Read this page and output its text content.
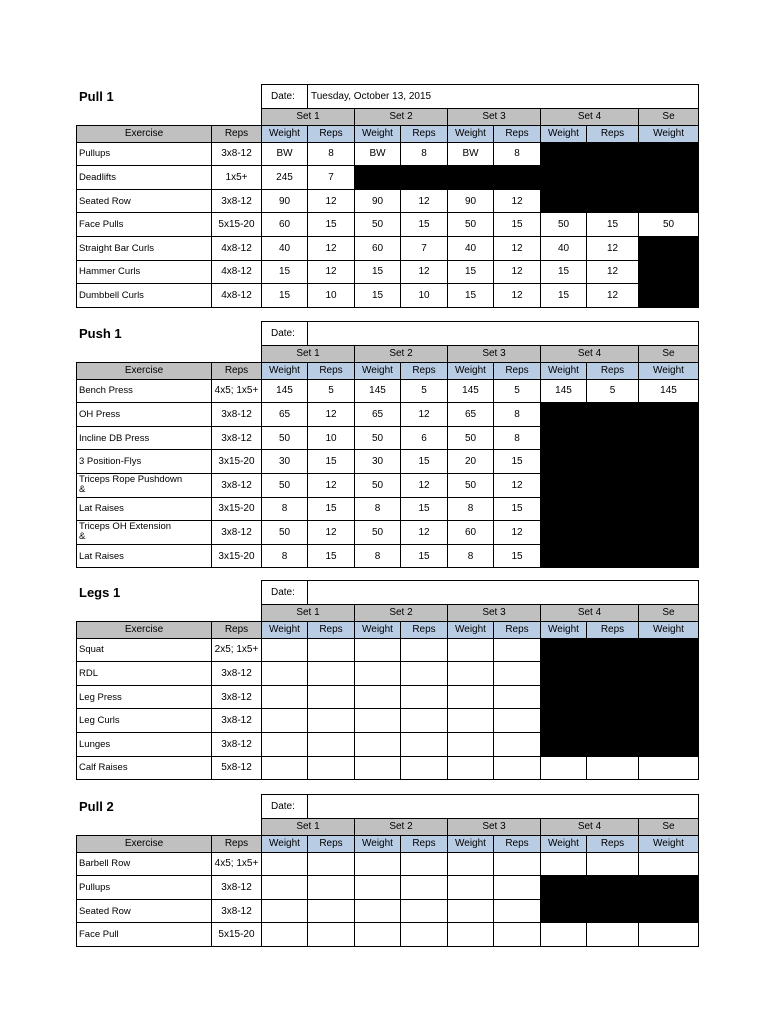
Pull 1
		Date:	Tuesday, October 13, 2015							
		Set 1		Set 2		Set 3		Set 4		Se
Exercise	Reps	Weight	Reps	Weight	Reps	Weight	Reps	Weight	Reps	Weight
Pullups	3x8-12	BW	8	BW	8	BW	8			
Deadlifts	1x5+	245	7							
Seated Row	3x8-12	90	12	90	12	90	12			
Face Pulls	5x15-20	60	15	50	15	50	15	50	15	50
Straight Bar Curls	4x8-12	40	12	60	7	40	12	40	12	
Hammer Curls	4x8-12	15	12	15	12	15	12	15	12	
Dumbbell Curls	4x8-12	15	10	15	10	15	12	15	12	
Push 1
		Date:								
		Set 1		Set 2		Set 3		Set 4		Se
Exercise	Reps	Weight	Reps	Weight	Reps	Weight	Reps	Weight	Reps	Weight
Bench Press	4x5; 1x5+	145	5	145	5	145	5	145	5	145
OH Press	3x8-12	65	12	65	12	65	8			
Incline DB Press	3x8-12	50	10	50	6	50	8			
3 Position-Flys	3x15-20	30	15	30	15	20	15			

Triceps Rope Pushdown
&	3x8-12	50	12	50	12	50	12			
Lat Raises	3x15-20	8	15	8	15	8	15			

Triceps OH Extension
&	3x8-12	50	12	50	12	60	12			
Lat Raises	3x15-20	8	15	8	15	8	15			
Legs 1
		Date:								
		Set 1		Set 2		Set 3		Set 4		Se
Exercise	Reps	Weight	Reps	Weight	Reps	Weight	Reps	Weight	Reps	Weight
Squat	2x5; 1x5+									
RDL	3x8-12									
Leg Press	3x8-12									
Leg Curls	3x8-12									
Lunges	3x8-12									
Calf Raises	5x8-12									
Pull 2
		Date:								
		Set 1		Set 2		Set 3		Set 4		Se
Exercise	Reps	Weight	Reps	Weight	Reps	Weight	Reps	Weight	Reps	Weight
Barbell Row	4x5; 1x5+									
Pullups	3x8-12									
Seated Row	3x8-12									
Face Pull	5x15-20									
